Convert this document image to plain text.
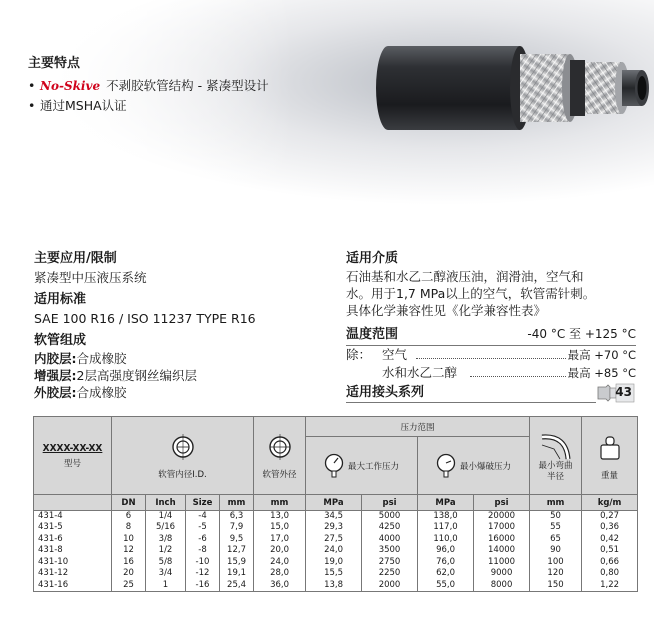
主要特点
• No-Skive 不剥胶软管结构 - 紧凑型设计
• 通过MSHA认证
主要应用/限制
紧凑型中压液压系统
适用标准
SAE 100 R16 / ISO 11237 TYPE R16
软管组成
内胶层:合成橡胶
增强层:2层高强度钢丝编织层
外胶层:合成橡胶
适用介质
石油基和水乙二醇液压油，润滑油，空气和
水。用于1,7 MPa以上的空气，软管需针刺。
具体化学兼容性见《化学兼容性表》
温度范围	-40 °C 至 +125 °C
除： 空气	最高 +70 °C
水和水乙二醇	最高 +85 °C
适用接头系列	43
XXXX-XX-XX
型号	软管内径I.D.				软管外径	压力范围				最小弯曲半径	重量

						最大工作压力		最小爆破压力			

	DN	Inch	Size	mm	mm	MPa	psi	MPa	psi	mm	kg/m
431-4	6	1/4	-4	6,3	13,0	34,5	5000	138,0	20000	50	0,27
431-5	8	5/16	-5	7,9	15,0	29,3	4250	117,0	17000	55	0,36
431-6	10	3/8	-6	9,5	17,0	27,5	4000	110,0	16000	65	0,42
431-8	12	1/2	-8	12,7	20,0	24,0	3500	96,0	14000	90	0,51
431-10	16	5/8	-10	15,9	24,0	19,0	2750	76,0	11000	100	0,66
431-12	20	3/4	-12	19,1	28,0	15,5	2250	62,0	9000	120	0,80
431-16	25	1	-16	25,4	36,0	13,8	2000	55,0	8000	150	1,22
